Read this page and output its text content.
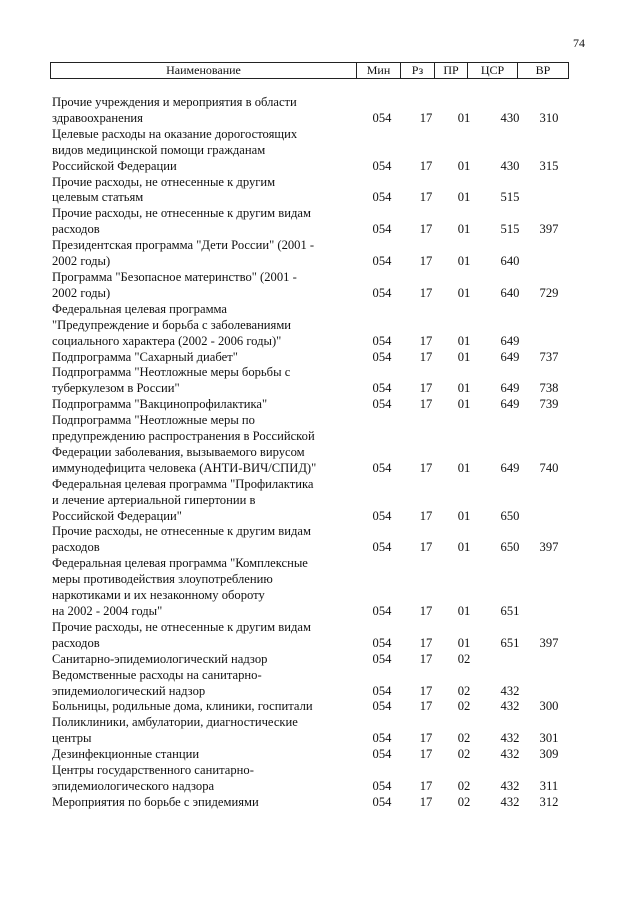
74
Наименование	Мин	Рз	ПР	ЦСР	ВР
Прочие учреждения и мероприятия в области
здравоохранения	054	17	01	430	310
Целевые расходы на оказание дорогостоящих
видов медицинской помощи гражданам
Российской Федерации	054	17	01	430	315
Прочие расходы, не отнесенные к другим
целевым статьям	054	17	01	515
Прочие расходы, не отнесенные к другим видам
расходов	054	17	01	515	397
Президентская программа "Дети России" (2001 -
2002 годы)	054	17	01	640
Программа "Безопасное материнство" (2001 -
2002 годы)	054	17	01	640	729
Федеральная целевая программа
"Предупреждение и борьба с заболеваниями
социального характера (2002 - 2006 годы)"	054	17	01	649
Подпрограмма "Сахарный диабет"	054	17	01	649	737
Подпрограмма "Неотложные меры борьбы с
туберкулезом в России"	054	17	01	649	738
Подпрограмма "Вакцинопрофилактика"	054	17	01	649	739
Подпрограмма "Неотложные меры по
предупреждению распространения в Российской
Федерации заболевания, вызываемого вирусом
иммунодефицита человека (АНТИ-ВИЧ/СПИД)"	054	17	01	649	740
Федеральная целевая программа "Профилактика
и лечение артериальной гипертонии в
Российской Федерации"	054	17	01	650
Прочие расходы, не отнесенные к другим видам
расходов	054	17	01	650	397
Федеральная целевая программа "Комплексные
меры противодействия злоупотреблению
наркотиками и их незаконному обороту
на 2002 - 2004 годы"	054	17	01	651
Прочие расходы, не отнесенные к другим видам
расходов	054	17	01	651	397
Санитарно-эпидемиологический надзор	054	17	02
Ведомственные расходы на санитарно-
эпидемиологический надзор	054	17	02	432
Больницы, родильные дома, клиники, госпитали	054	17	02	432	300
Поликлиники, амбулатории, диагностические
центры	054	17	02	432	301
Дезинфекционные станции	054	17	02	432	309
Центры государственного санитарно-
эпидемиологического надзора	054	17	02	432	311
Мероприятия по борьбе с эпидемиями	054	17	02	432	312
